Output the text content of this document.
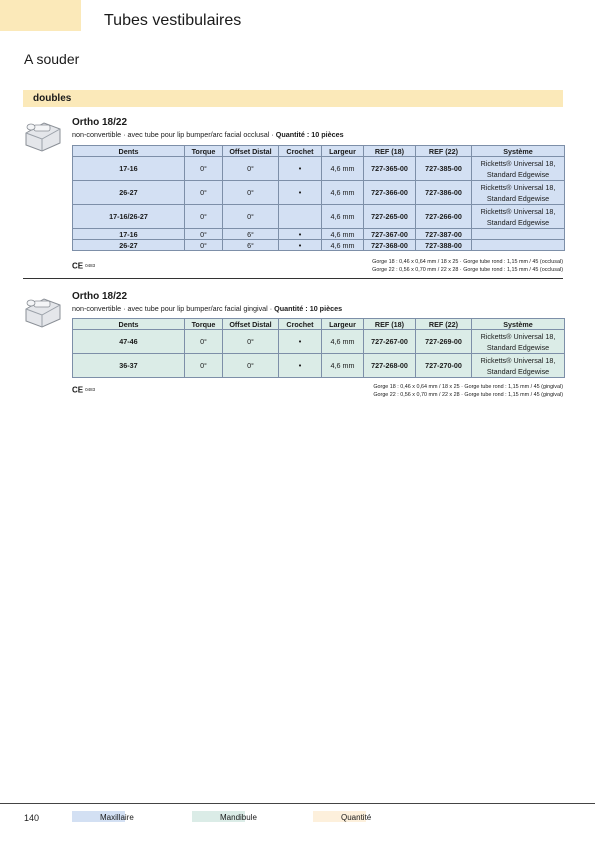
Tubes vestibulaires
A souder
doubles
Ortho 18/22
non-convertible · avec tube pour lip bumper/arc facial occlusal · Quantité : 10 pièces
Dents	Torque	Offset Distal	Crochet	Largeur	REF (18)	REF (22)	Système
17-16	0°	0°	•	4,6 mm	727-365-00	727-385-00	Ricketts® Universal 18,
Standard Edgewise

26-27	0°	0°	•	4,6 mm	727-366-00	727-386-00	Ricketts® Universal 18,
Standard Edgewise

17-16/26-27	0°	0°		4,6 mm	727-265-00	727-266-00	Ricketts® Universal 18,
Standard Edgewise

17-16	0°	6°	•	4,6 mm	727-367-00	727-387-00	
26-27	0°	6°	•	4,6 mm	727-368-00	727-388-00	
CE 0483
Gorge 18 : 0,46 x 0,64 mm / 18 x 25 · Gorge tube rond : 1,15 mm / 45 (occlusal)
Gorge 22 : 0,56 x 0,70 mm / 22 x 28 · Gorge tube rond : 1,15 mm / 45 (occlusal)
Ortho 18/22
non-convertible · avec tube pour lip bumper/arc facial gingival · Quantité : 10 pièces
Dents	Torque	Offset Distal	Crochet	Largeur	REF (18)	REF (22)	Système
47-46	0°	0°	•	4,6 mm	727-267-00	727-269-00	Ricketts® Universal 18,
Standard Edgewise

36-37	0°	0°	•	4,6 mm	727-268-00	727-270-00	Ricketts® Universal 18,
Standard Edgewise
CE 0483	Gorge 18 : 0,46 x 0,64 mm / 18 x 25 · Gorge tube rond : 1,15 mm / 45 (gingival)
Gorge 22 : 0,56 x 0,70 mm / 22 x 28 · Gorge tube rond : 1,15 mm / 45 (gingival)
140	Maxillaire	Mandibule	Quantité
